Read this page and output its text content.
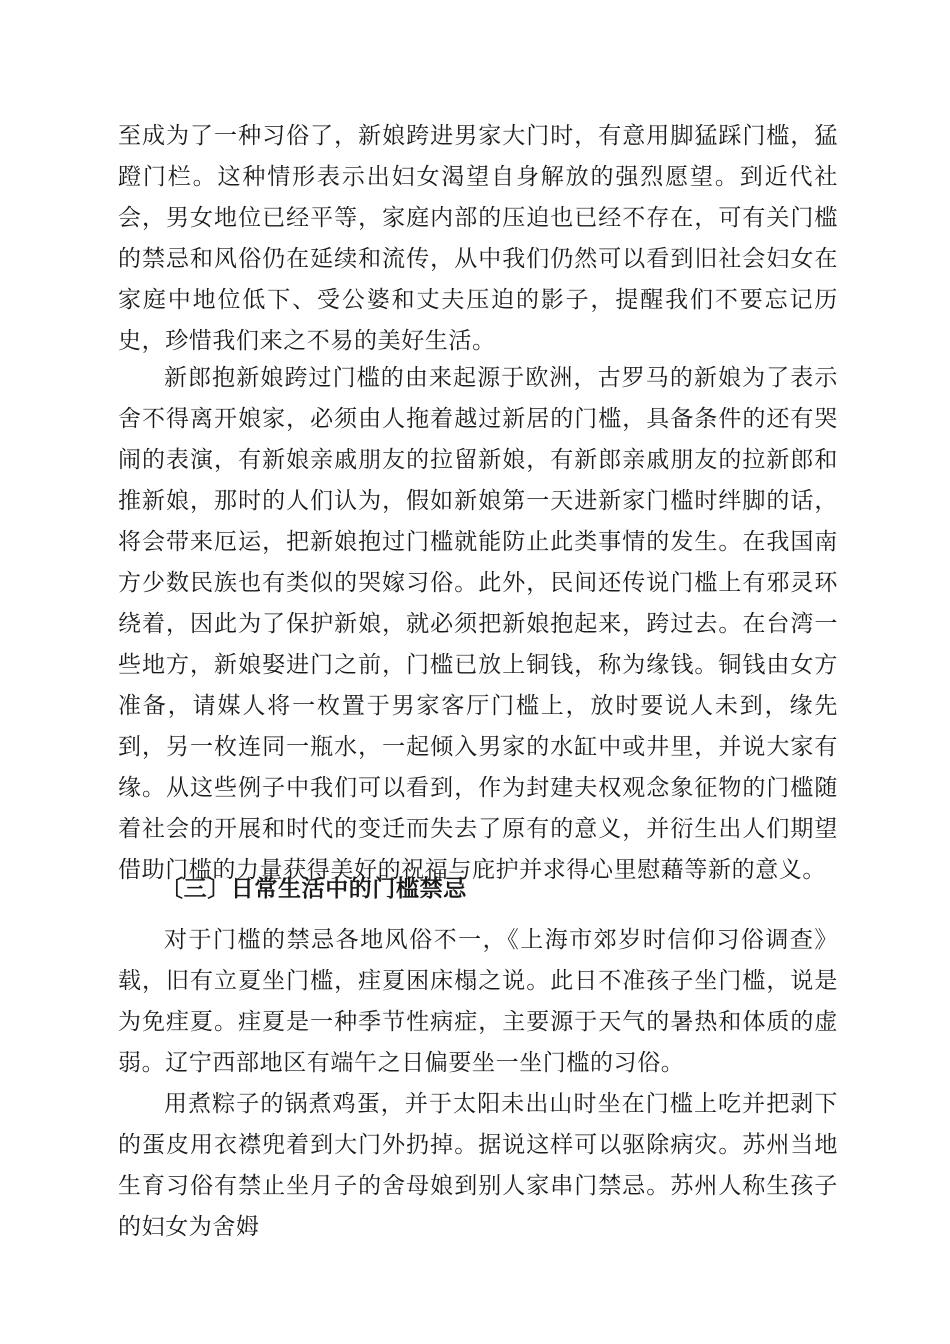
至成为了一种习俗了，新娘跨进男家大门时，有意用脚猛踩门槛，猛蹬门栏。这种情形表示出妇女渴望自身解放的强烈愿望。到近代社会，男女地位已经平等，家庭内部的压迫也已经不存在，可有关门槛的禁忌和风俗仍在延续和流传，从中我们仍然可以看到旧社会妇女在家庭中地位低下、受公婆和丈夫压迫的影子，提醒我们不要忘记历史，珍惜我们来之不易的美好生活。

新郎抱新娘跨过门槛的由来起源于欧洲，古罗马的新娘为了表示舍不得离开娘家，必须由人拖着越过新居的门槛，具备条件的还有哭闹的表演，有新娘亲戚朋友的拉留新娘，有新郎亲戚朋友的拉新郎和推新娘，那时的人们认为，假如新娘第一天进新家门槛时绊脚的话，将会带来厄运，把新娘抱过门槛就能防止此类事情的发生。在我国南方少数民族也有类似的哭嫁习俗。此外，民间还传说门槛上有邪灵环绕着，因此为了保护新娘，就必须把新娘抱起来，跨过去。在台湾一些地方，新娘娶进门之前，门槛已放上铜钱，称为缘钱。铜钱由女方准备，请媒人将一枚置于男家客厅门槛上，放时要说人未到，缘先到，另一枚连同一瓶水，一起倾入男家的水缸中或井里，并说大家有缘。从这些例子中我们可以看到，作为封建夫权观念象征物的门槛随着社会的开展和时代的变迁而失去了原有的意义，并衍生出人们期望借助门槛的力量获得美好的祝福与庇护并求得心里慰藉等新的意义。

〔三〕日常生活中的门槛禁忌

对于门槛的禁忌各地风俗不一，《上海市郊岁时信仰习俗调查》载，旧有立夏坐门槛，疰夏困床榻之说。此日不准孩子坐门槛，说是为免疰夏。疰夏是一种季节性病症，主要源于天气的暑热和体质的虚弱。辽宁西部地区有端午之日偏要坐一坐门槛的习俗。

用煮粽子的锅煮鸡蛋，并于太阳未出山时坐在门槛上吃并把剥下的蛋皮用衣襟兜着到大门外扔掉。据说这样可以驱除病灾。苏州当地生育习俗有禁止坐月子的舍母娘到别人家串门禁忌。苏州人称生孩子的妇女为舍姆
